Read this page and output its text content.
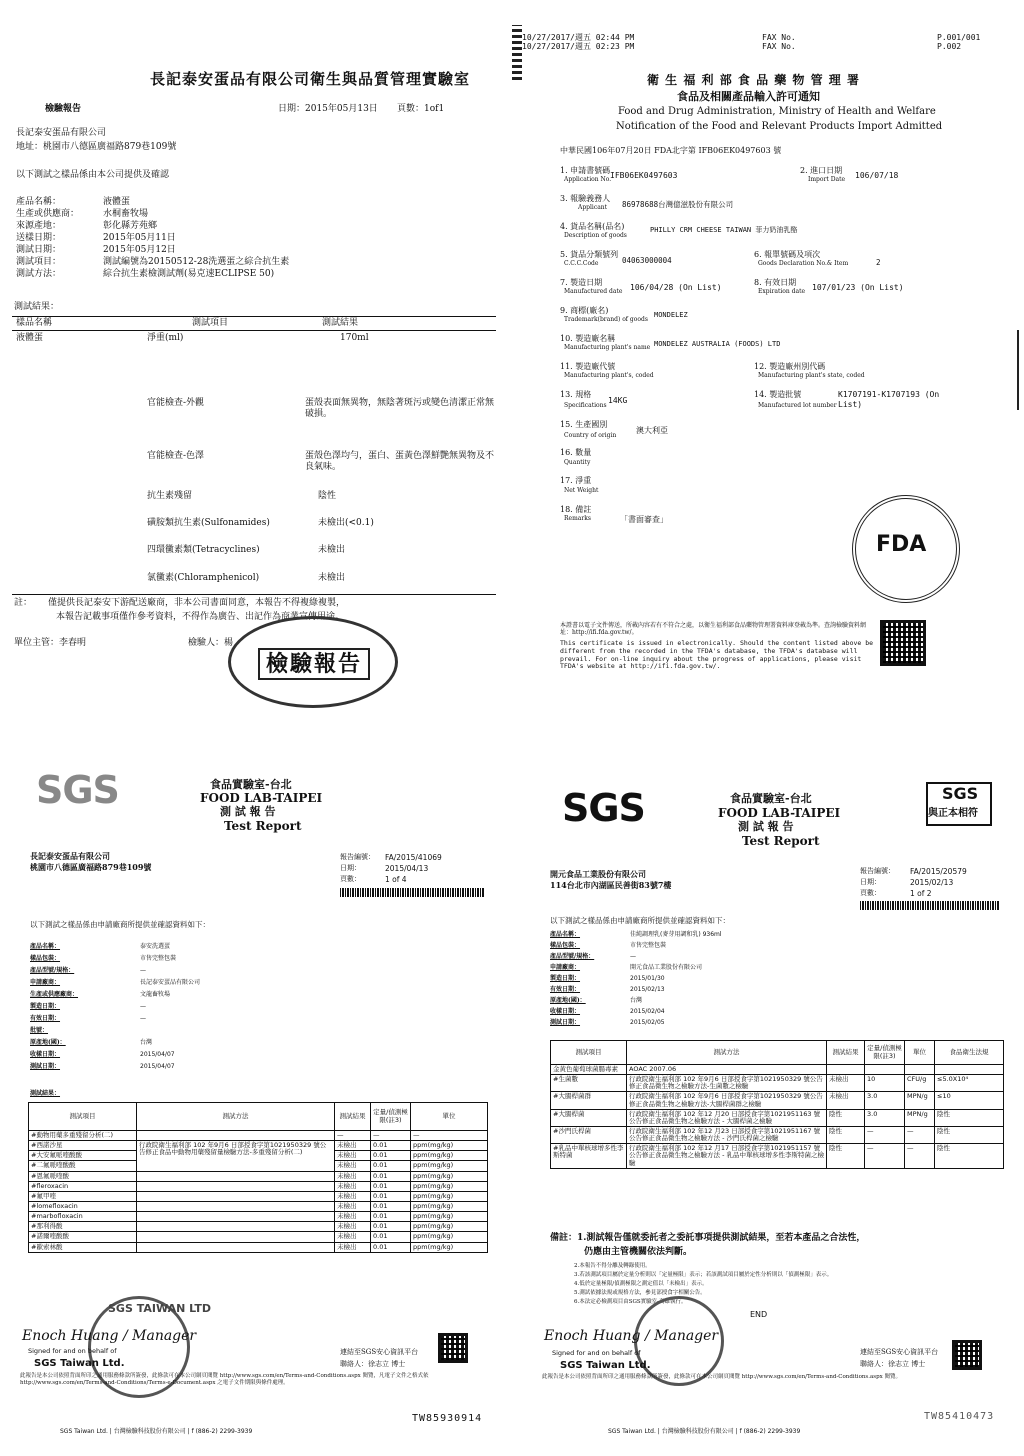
長記泰安蛋品有限公司衛生與品質管理實驗室
檢驗報告	日期：2015年05月13日 頁數：1of1
長記泰安蛋品有限公司
地址：桃園市八德區廣福路879巷109號
以下測試之樣品係由本公司提供及確認
產品名稱：	液體蛋
生產或供應商：	水桐畜牧場
來源產地：	彰化縣芳苑鄉
送樣日期：	2015年05月11日
測試日期：	2015年05月12日
測試項目：	測試編號為20150512-28洗選蛋之綜合抗生素
測試方法：	綜合抗生素檢測試劑(易克速ECLIPSE 50)
測試結果：
樣品名稱	測試項目	測試結果
液體蛋	淨重(ml)	170ml
官能檢查-外觀	蛋殼表面無異物，無陰著斑污或變色清潔正常無破損。
官能檢查-色澤	蛋殼色澤均勻，蛋白、蛋黃色澤鮮艷無異物及不良氣味。
抗生素殘留	陰性
磺胺類抗生素(Sulfonamides)	未檢出(<0.1)
四環黴素類(Tetracyclines)	未檢出
氯黴素(Chloramphenicol)	未檢出
註： 僅提供長記泰安下游配送廠商，非本公司書面同意，本報告不得複綠複製，
本報告記載事項僅作參考資料，不得作為廣告、出記作為商業宣傳用途。
單位主管：李春明	檢驗人：楊
檢驗報告
10/27/2017/週五 02:44 PM
10/27/2017/週五 02:23 PM
FAX No.
FAX No.
P.001/001
P.002
衛 生 福 利 部 食 品 藥 物 管 理 署
食品及相關產品輸入許可通知
Food and Drug Administration, Ministry of Health and Welfare
Notification of the Food and Relevant Products Import Admitted
中華民國106年07月20日 FDA北字第 IFB06EK0497603 號
1. 申請書號碼
Application No.
IFB06EK0497603
2. 進口日期
Import Date 106/07/18
3. 報驗義務人
Applicant 86978688台灣億滋股份有限公司
4. 貨品名稱(品名)
Description of goods
PHILLY CRM CHEESE TAIWAN 菲力奶油乳酪
5. 貨品分類號列
C.C.C.Code	04063000004
6. 報單號碼及項次
Goods Declaration No.& Item	2
7. 製造日期
Manufactured date 106/04/28 (On List)
8. 有效日期
Expiration date 107/01/23 (On List)
9. 商標(廠名)
Trademark(brand) of goods
MONDELEZ
10. 製造廠名稱
Manufacturing plant's name MONDELEZ AUSTRALIA (FOODS) LTD
11. 製造廠代號
Manufacturing plant's, coded
12. 製造廠州別代碼
Manufacturing plant's state, coded
13. 規格
Specifications
14KG
14. 製造批號
Manufactured lot number
K1707191-K1707193 (On List)
15. 生產國別
Country of origin
澳大利亞
16. 數量
Quantity
17. 淨重
Net Weight
18. 備註
Remarks	「書面審查」
FDA
本證書以電子文件傳送，所載內容若有不符合之處，以衛生福利部食品藥物管理署資料庫登載為準。查詢檢驗資料網址：http://ifi.fda.gov.tw/。
This certificate is issued in electronically. Should the content listed above be different from the recorded in the TFDA's database, the TFDA's database will prevail. For on-line inquiry about the progress of applications, please visit TFDA's website at http://ifi.fda.gov.tw/.
SGS	食品實驗室-台北
FOOD LAB-TAIPEI
測 試 報 告
Test Report
長記泰安蛋品有限公司
桃園市八德區廣福路879巷109號
報告編號： FA/2015/41069
日期：	2015/04/13
頁數：	1 of 4
以下測試之樣品係由申請廠商所提供並確認資料如下：
產品名稱：	泰安洗選蛋
樣品包裝：	市售完整包裝
產品型號/規格：	—
申請廠商：	長記泰安蛋品有限公司
生產或供應廠商：	文龍畜牧場
製造日期：	—
有效日期：	—
批號：
原產地(國)：	台灣
收樣日期：	2015/04/07
測試日期：	2015/04/07
測試結果：
測試項目	測試方法	測試結果	定量/偵測極限(註3)	單位
#動物用藥多重殘留分析(二)		—	—	—
#西諾沙星	行政院衛生福利部 102 年9月6 日部授食字第1021950329 號公告修正食品中動物用藥殘留量檢驗方法-多重殘留分析(二)	未檢出	0.01	ppm(mg/kg)
#大安氟哌喹酸酸		未檢出	0.01	ppm(mg/kg)
#二氟哌喹酸酸		未檢出	0.01	ppm(mg/kg)
#恩氟哌喹酸		未檢出	0.01	ppm(mg/kg)
#fleroxacin		未檢出	0.01	ppm(mg/kg)
#氟甲喹		未檢出	0.01	ppm(mg/kg)
#lomefloxacin		未檢出	0.01	ppm(mg/kg)
#marbofloxacin		未檢出	0.01	ppm(mg/kg)
#那利得酸		未檢出	0.01	ppm(mg/kg)
#諾爾喹酸酸		未檢出	0.01	ppm(mg/kg)
#歐索林酸		未檢出	0.01	ppm(mg/kg)
SGS TAIWAN LTD
Enoch Huang / Manager
Signed for and on behalf of
SGS Taiwan Ltd.
連結至SGS安心資訊平台
聯絡人：徐志立 博士
此報告是本公司依照背面所印之通用服務條款所簽發，此條款可在本公司網頁閱覽 http://www.sgs.com/en/Terms-and-Conditions.aspx 閱覽，凡電子文件之格式依 http://www.sgs.com/en/Terms-and-Conditions/Terms-e-Document.aspx 之電子文件期限與條件處理。
TW85930914
SGS Taiwan Ltd. | 台灣檢驗科技股份有限公司 | f (886-2) 2299-3939
SGS	食品實驗室-台北
FOOD LAB-TAIPEI
測 試 報 告
Test Report
SGS
與正本相符
開元食品工業股份有限公司
114台北市內湖區民善街83號7樓
報告編號： FA/2015/20579
日期：	2015/02/13
頁數：	1 of 2
以下測試之樣品係由申請廠商所提供並確認資料如下：
產品名稱：	佳純調理乳(麥芽用調和乳) 936ml
樣品包裝：	市售完整包裝
產品型號/規格：	—
申請廠商：	開元食品工業股份有限公司
製造日期：	2015/01/30
有效日期：	2015/02/13
原產地(國)：	台灣
收樣日期：	2015/02/04
測試日期：	2015/02/05
測試項目	測試方法	測試結果	定量/偵測極限(註3)	單位	食品衛生法規
金黃色葡萄球菌腸毒素	AOAC 2007.06				
#生菌數	行政院衛生福利部 102 年9月6 日部授食字第1021950329 號公告修正食品微生物之檢驗方法-生菌數之檢驗	未檢出	10	CFU/g	≤5.0X10⁴
#大腸桿菌群	行政院衛生福利部 102 年9月6 日部授食字第1021950329 號公告修正食品微生物之檢驗方法-大腸桿菌群之檢驗	未檢出	3.0	MPN/g	≤10
#大腸桿菌	行政院衛生福利部 102 年12 月20 日部授食字第1021951163 號公告修正食品微生物之檢驗方法 - 大腸桿菌之檢驗	陰性	3.0	MPN/g	陰性
#沙門氏桿菌	行政院衛生福利部 102 年12 月23 日部授食字第1021951167 號公告修正食品微生物之檢驗方法 - 沙門氏桿菌之檢驗	陰性	—	—	陰性
#乳品中單核球增多性李斯特菌	行政院衛生福利部 102 年12 月17 日部授食字第1021951157 號公告修正食品微生物之檢驗方法 - 乳品中單核球增多性李斯特菌之檢驗	陰性	—	—	陰性
備註：1.測試報告僅就委託者之委託事項提供測試結果，至若本產品之合法性，
仍應由主管機關依法判斷。
2.本報告不得分離及轉錄使用。
3.若該測試項目屬於定量分析則以「定量極限」表示；若該測試項目屬於定性分析則以「偵測極限」表示。
4.低於定量極限/偵測極限之測定值以「未檢出」表示。
5.測試依據法規或規格方法，參見部授食字相關公告。
6.本法定必檢測項目由SGS實驗室-高雄執行。
END
Enoch Huang / Manager
Signed for and on behalf of
SGS Taiwan Ltd.
連結至SGS安心資訊平台
聯絡人：徐志立 博士
此報告是本公司依照背面所印之通用服務條款所簽發，此條款可在本公司網頁閱覽 http://www.sgs.com/en/Terms-and-Conditions.aspx 閱覽。
TW85410473
SGS Taiwan Ltd. | 台灣檢驗科技股份有限公司 | f (886-2) 2299-3939
